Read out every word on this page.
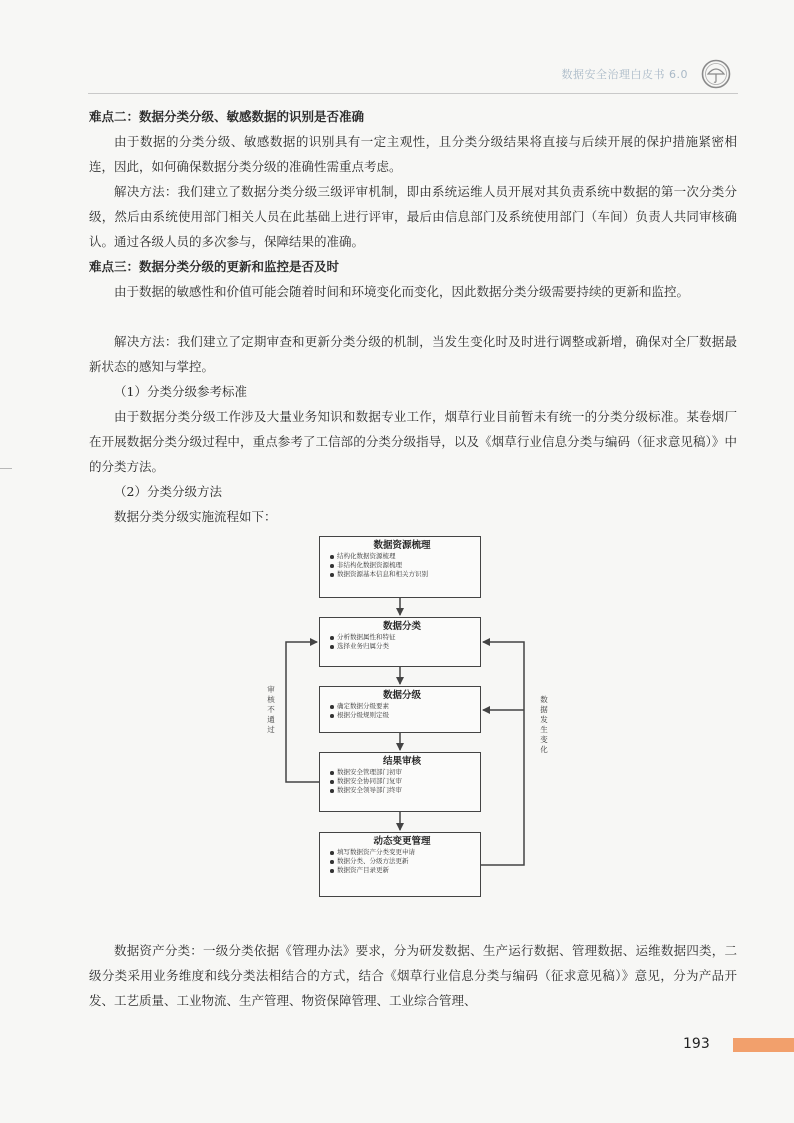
数据安全治理白皮书 6.0

难点二：数据分类分级、敏感数据的识别是否准确

由于数据的分类分级、敏感数据的识别具有一定主观性，且分类分级结果将直接与后续开展的保护措施紧密相连，因此，如何确保数据分类分级的准确性需重点考虑。

解决方法：我们建立了数据分类分级三级评审机制，即由系统运维人员开展对其负责系统中数据的第一次分类分级，然后由系统使用部门相关人员在此基础上进行评审，最后由信息部门及系统使用部门（车间）负责人共同审核确认。通过各级人员的多次参与，保障结果的准确。

难点三：数据分类分级的更新和监控是否及时

由于数据的敏感性和价值可能会随着时间和环境变化而变化，因此数据分类分级需要持续的更新和监控。

解决方法：我们建立了定期审查和更新分类分级的机制，当发生变化时及时进行调整或新增，确保对全厂数据最新状态的感知与掌控。

（1）分类分级参考标准

由于数据分类分级工作涉及大量业务知识和数据专业工作，烟草行业目前暂未有统一的分类分级标准。某卷烟厂在开展数据分类分级过程中，重点参考了工信部的分类分级指导，以及《烟草行业信息分类与编码（征求意见稿）》中的分类方法。

（2）分类分级方法

数据分类分级实施流程如下：

数据资源梳理
结构化数据资源梳理
非结构化数据资源梳理
数据资源基本信息和相关方识别
数据分类
分析数据属性和特征
选择业务归属分类
数据分级
确定数据分级要素
根据分级规则定级
结果审核
数据安全管理部门初审
数据安全协同部门复审
数据安全领导部门终审
动态变更管理
填写数据资产分类变更申请
数据分类、分级方法更新
数据资产目录更新
审核不通过
数据发生变化

数据资产分类：一级分类依据《管理办法》要求，分为研发数据、生产运行数据、管理数据、运维数据四类，二级分类采用业务维度和线分类法相结合的方式，结合《烟草行业信息分类与编码（征求意见稿）》意见，分为产品开发、工艺质量、工业物流、生产管理、物资保障管理、工业综合管理、

193
